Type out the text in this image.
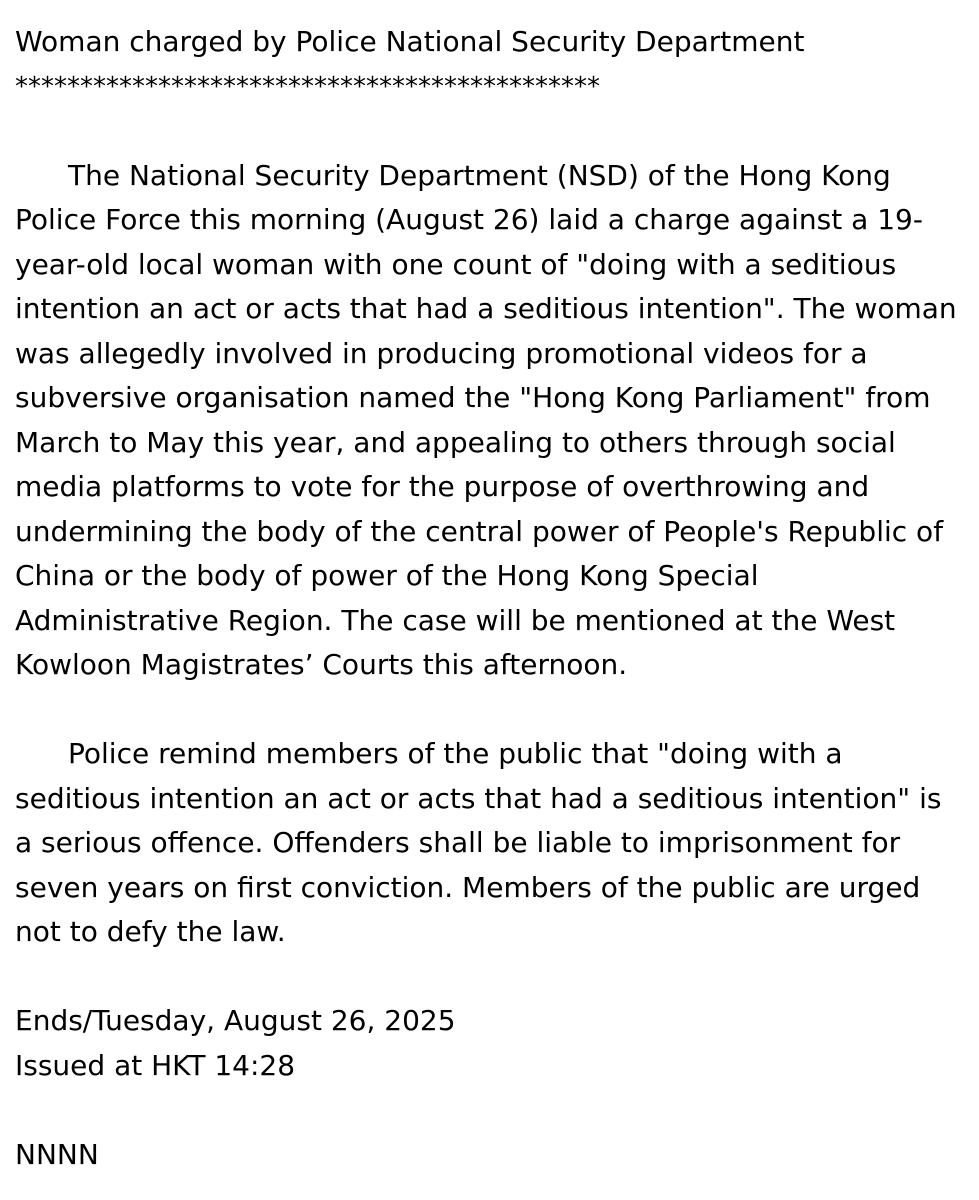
Woman charged by Police National Security Department
*********************************************

The National Security Department (NSD) of the Hong Kong Police Force this morning (August 26) laid a charge against a 19-year-old local woman with one count of "doing with a seditious intention an act or acts that had a seditious intention". The woman was allegedly involved in producing promotional videos for a subversive organisation named the "Hong Kong Parliament" from March to May this year, and appealing to others through social media platforms to vote for the purpose of overthrowing and undermining the body of the central power of People's Republic of China or the body of power of the Hong Kong Special Administrative Region. The case will be mentioned at the West Kowloon Magistrates’ Courts this afternoon.

Police remind members of the public that "doing with a seditious intention an act or acts that had a seditious intention" is a serious offence. Offenders shall be liable to imprisonment for seven years on first conviction. Members of the public are urged not to defy the law.

Ends/Tuesday, August 26, 2025
Issued at HKT 14:28
NNNN
